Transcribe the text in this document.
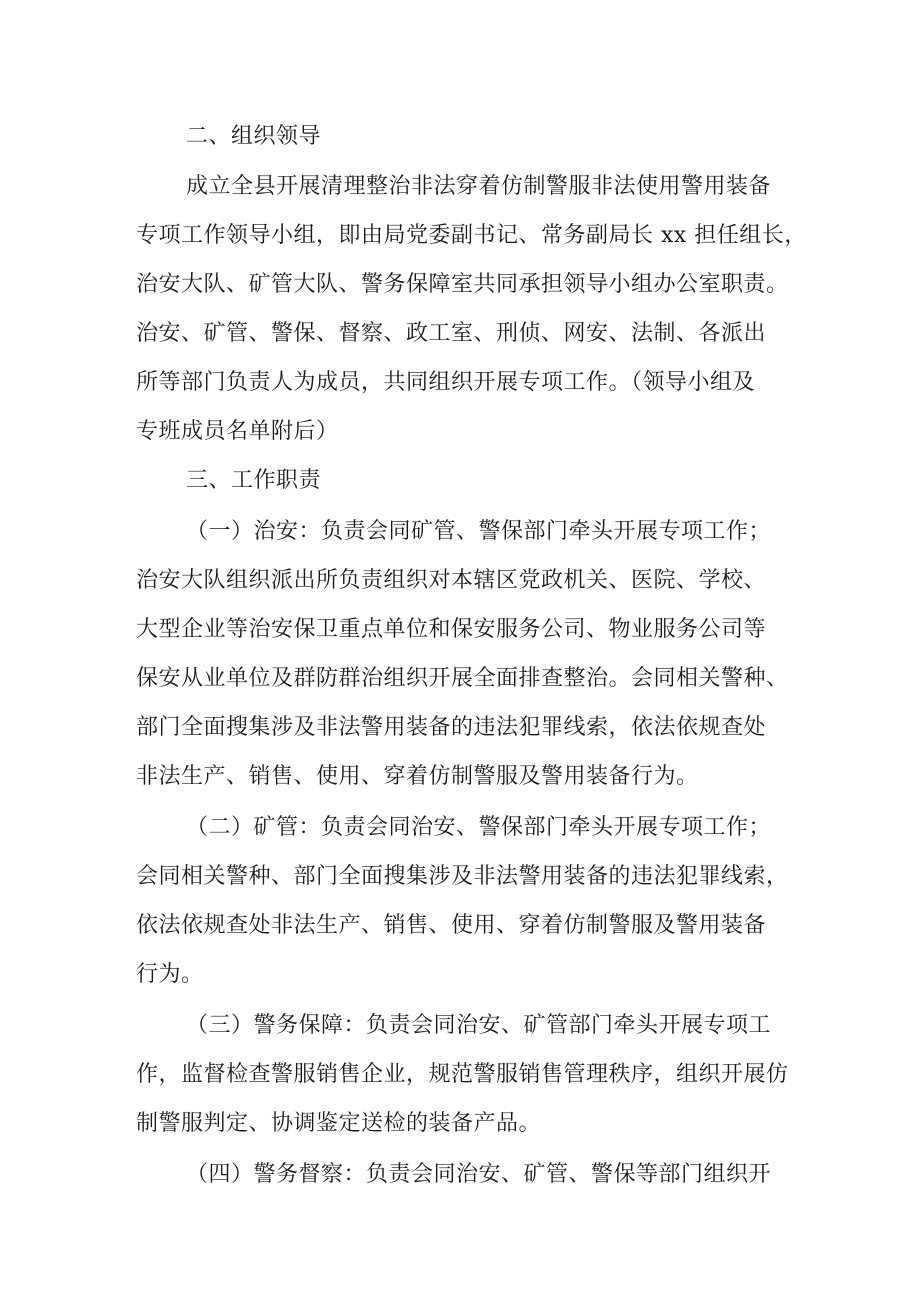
二、组织领导
成立全县开展清理整治非法穿着仿制警服非法使用警用装备
专项工作领导小组，即由局党委副书记、常务副局长 xx 担任组长，
治安大队、矿管大队、警务保障室共同承担领导小组办公室职责。
治安、矿管、警保、督察、政工室、刑侦、网安、法制、各派出
所等部门负责人为成员，共同组织开展专项工作。（领导小组及
专班成员名单附后）
三、工作职责
（一）治安：负责会同矿管、警保部门牵头开展专项工作；
治安大队组织派出所负责组织对本辖区党政机关、医院、学校、
大型企业等治安保卫重点单位和保安服务公司、物业服务公司等
保安从业单位及群防群治组织开展全面排查整治。会同相关警种、
部门全面搜集涉及非法警用装备的违法犯罪线索，依法依规查处
非法生产、销售、使用、穿着仿制警服及警用装备行为。
（二）矿管：负责会同治安、警保部门牵头开展专项工作；
会同相关警种、部门全面搜集涉及非法警用装备的违法犯罪线索，
依法依规查处非法生产、销售、使用、穿着仿制警服及警用装备
行为。
（三）警务保障：负责会同治安、矿管部门牵头开展专项工
作，监督检查警服销售企业，规范警服销售管理秩序，组织开展仿
制警服判定、协调鉴定送检的装备产品。
（四）警务督察：负责会同治安、矿管、警保等部门组织开
